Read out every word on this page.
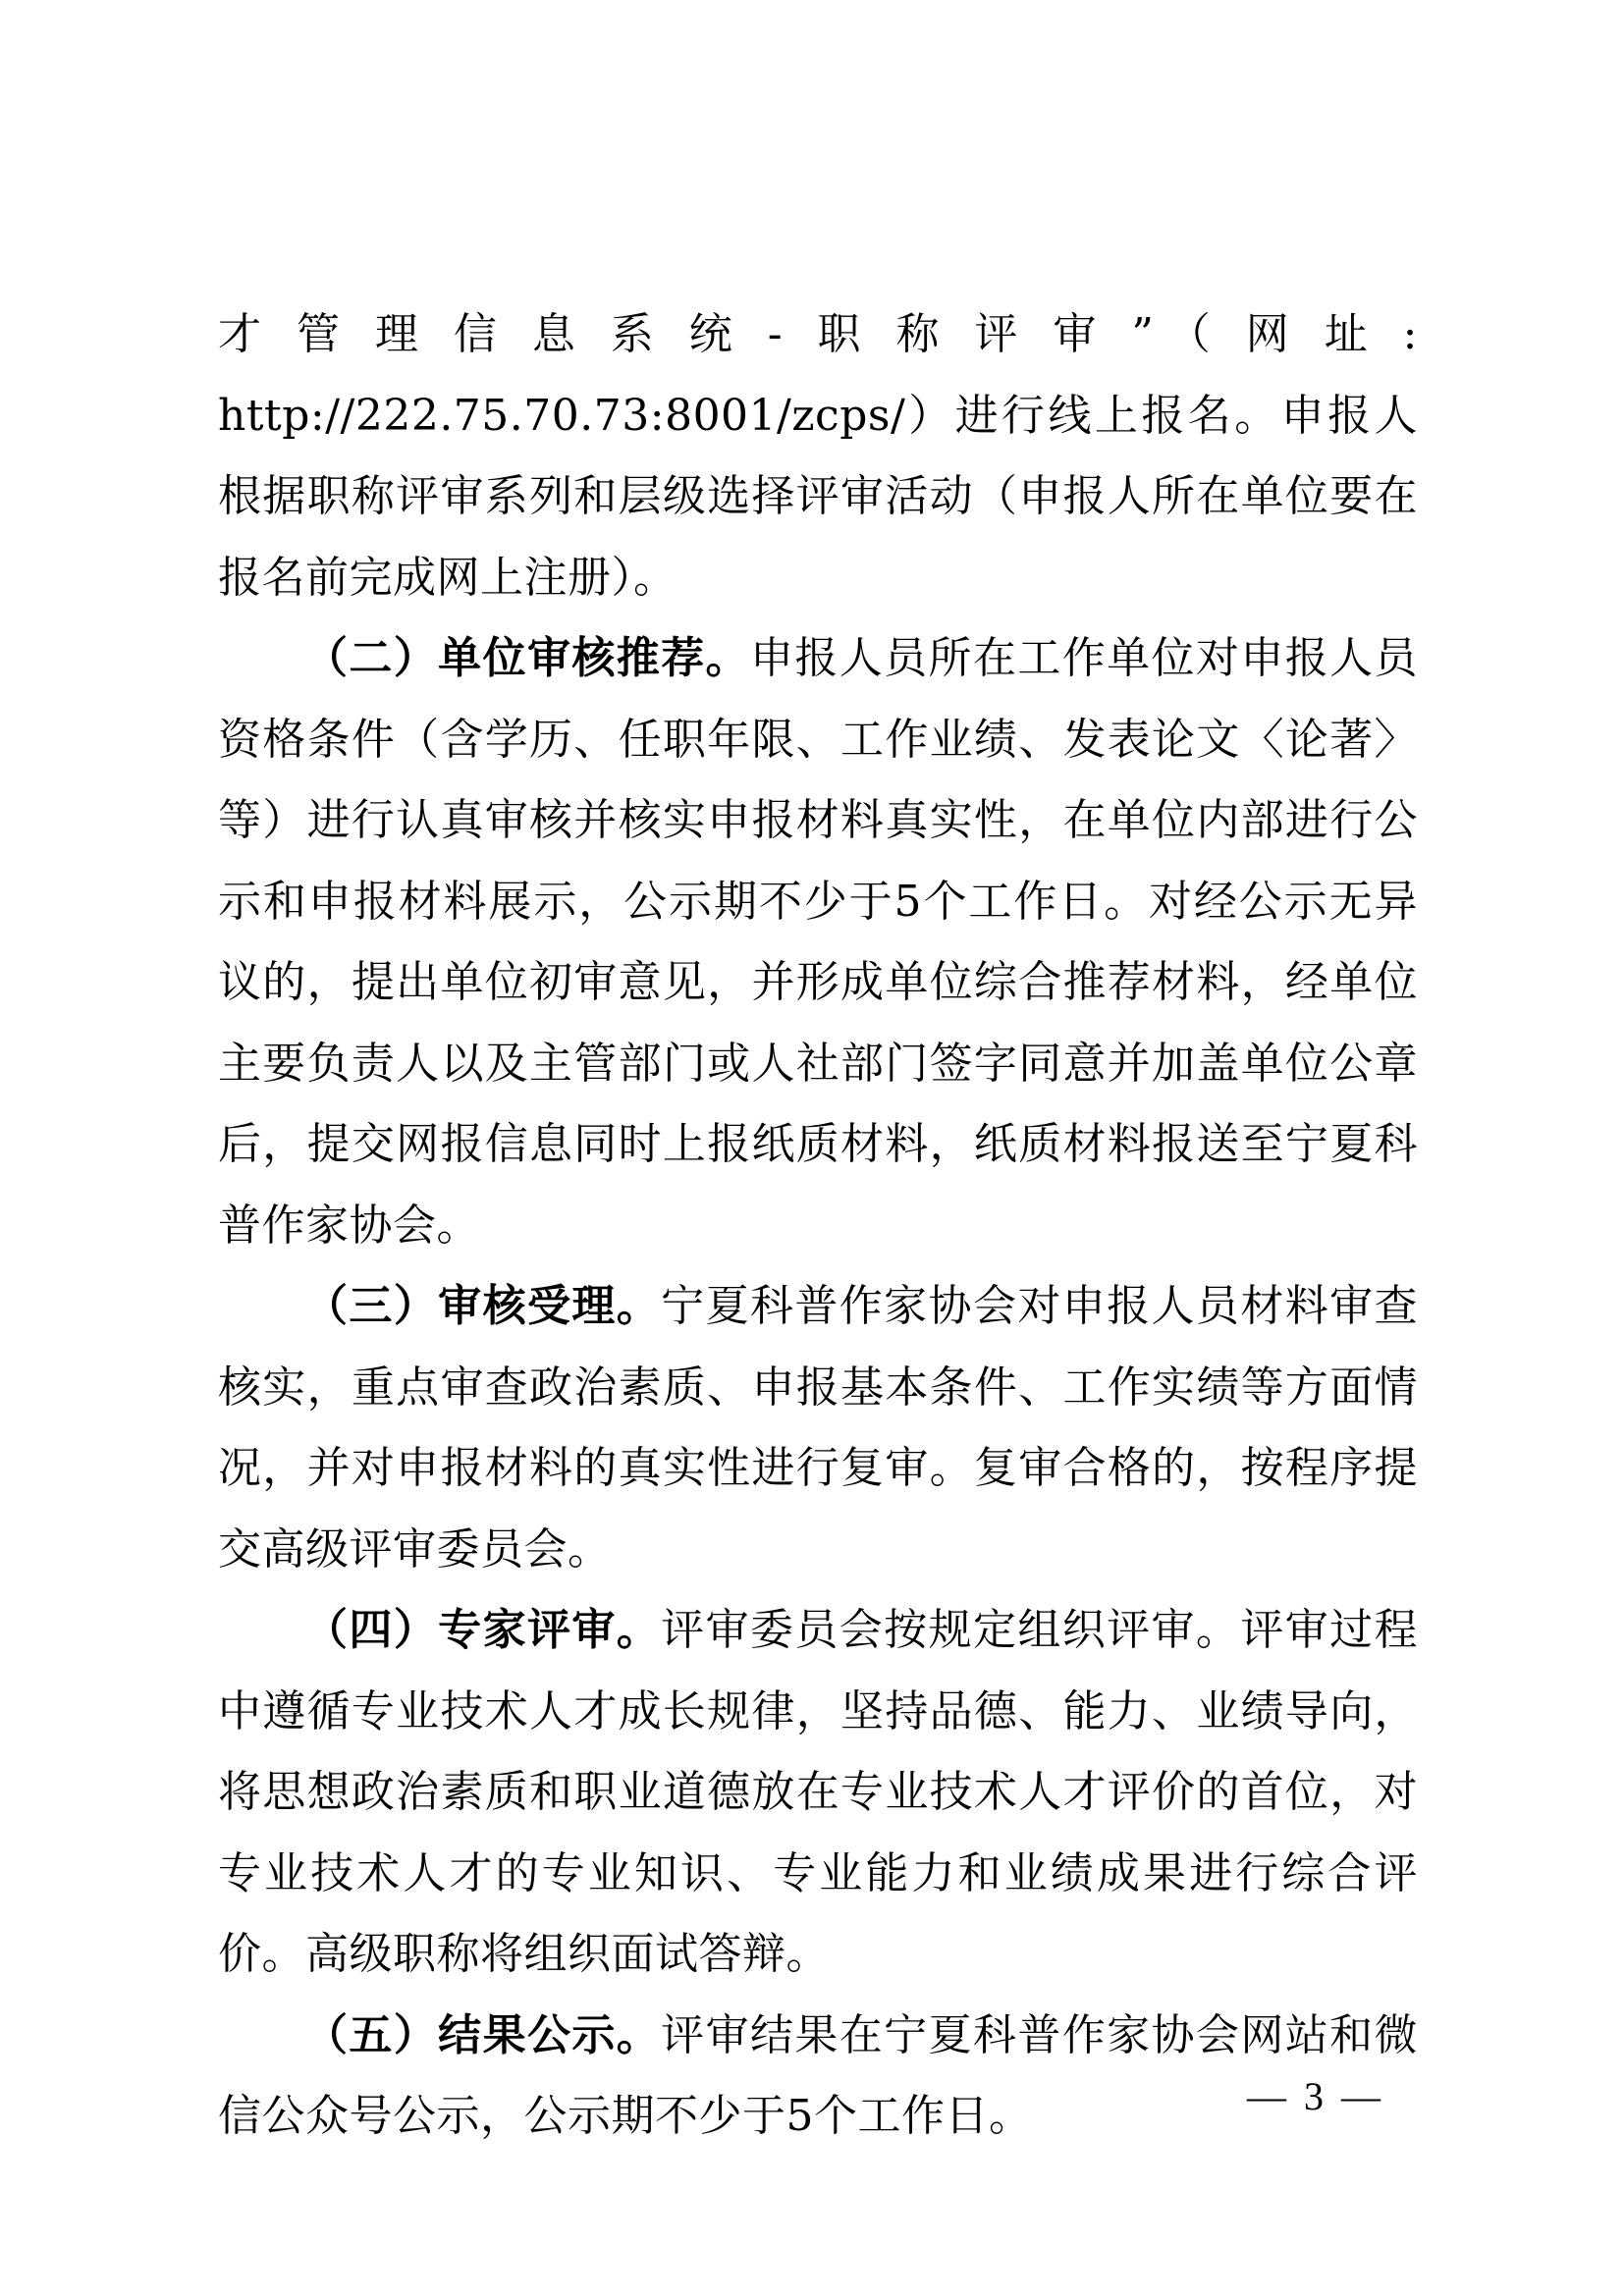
才管理信息系统-职称评审”（网址: http://222.75.70.73:8001/zcps/）进行线上报名。申报人根据职称评审系列和层级选择评审活动（申报人所在单位要在报名前完成网上注册）。

（二）单位审核推荐。申报人员所在工作单位对申报人员资格条件（含学历、任职年限、工作业绩、发表论文〈论著〉等）进行认真审核并核实申报材料真实性，在单位内部进行公示和申报材料展示，公示期不少于5个工作日。对经公示无异议的，提出单位初审意见，并形成单位综合推荐材料，经单位主要负责人以及主管部门或人社部门签字同意并加盖单位公章后，提交网报信息同时上报纸质材料，纸质材料报送至宁夏科普作家协会。

（三）审核受理。宁夏科普作家协会对申报人员材料审查核实，重点审查政治素质、申报基本条件、工作实绩等方面情况，并对申报材料的真实性进行复审。复审合格的，按程序提交高级评审委员会。

（四）专家评审。评审委员会按规定组织评审。评审过程中遵循专业技术人才成长规律，坚持品德、能力、业绩导向，将思想政治素质和职业道德放在专业技术人才评价的首位，对专业技术人才的专业知识、专业能力和业绩成果进行综合评价。高级职称将组织面试答辩。

（五）结果公示。评审结果在宁夏科普作家协会网站和微信公众号公示，公示期不少于5个工作日。	— 3 —
